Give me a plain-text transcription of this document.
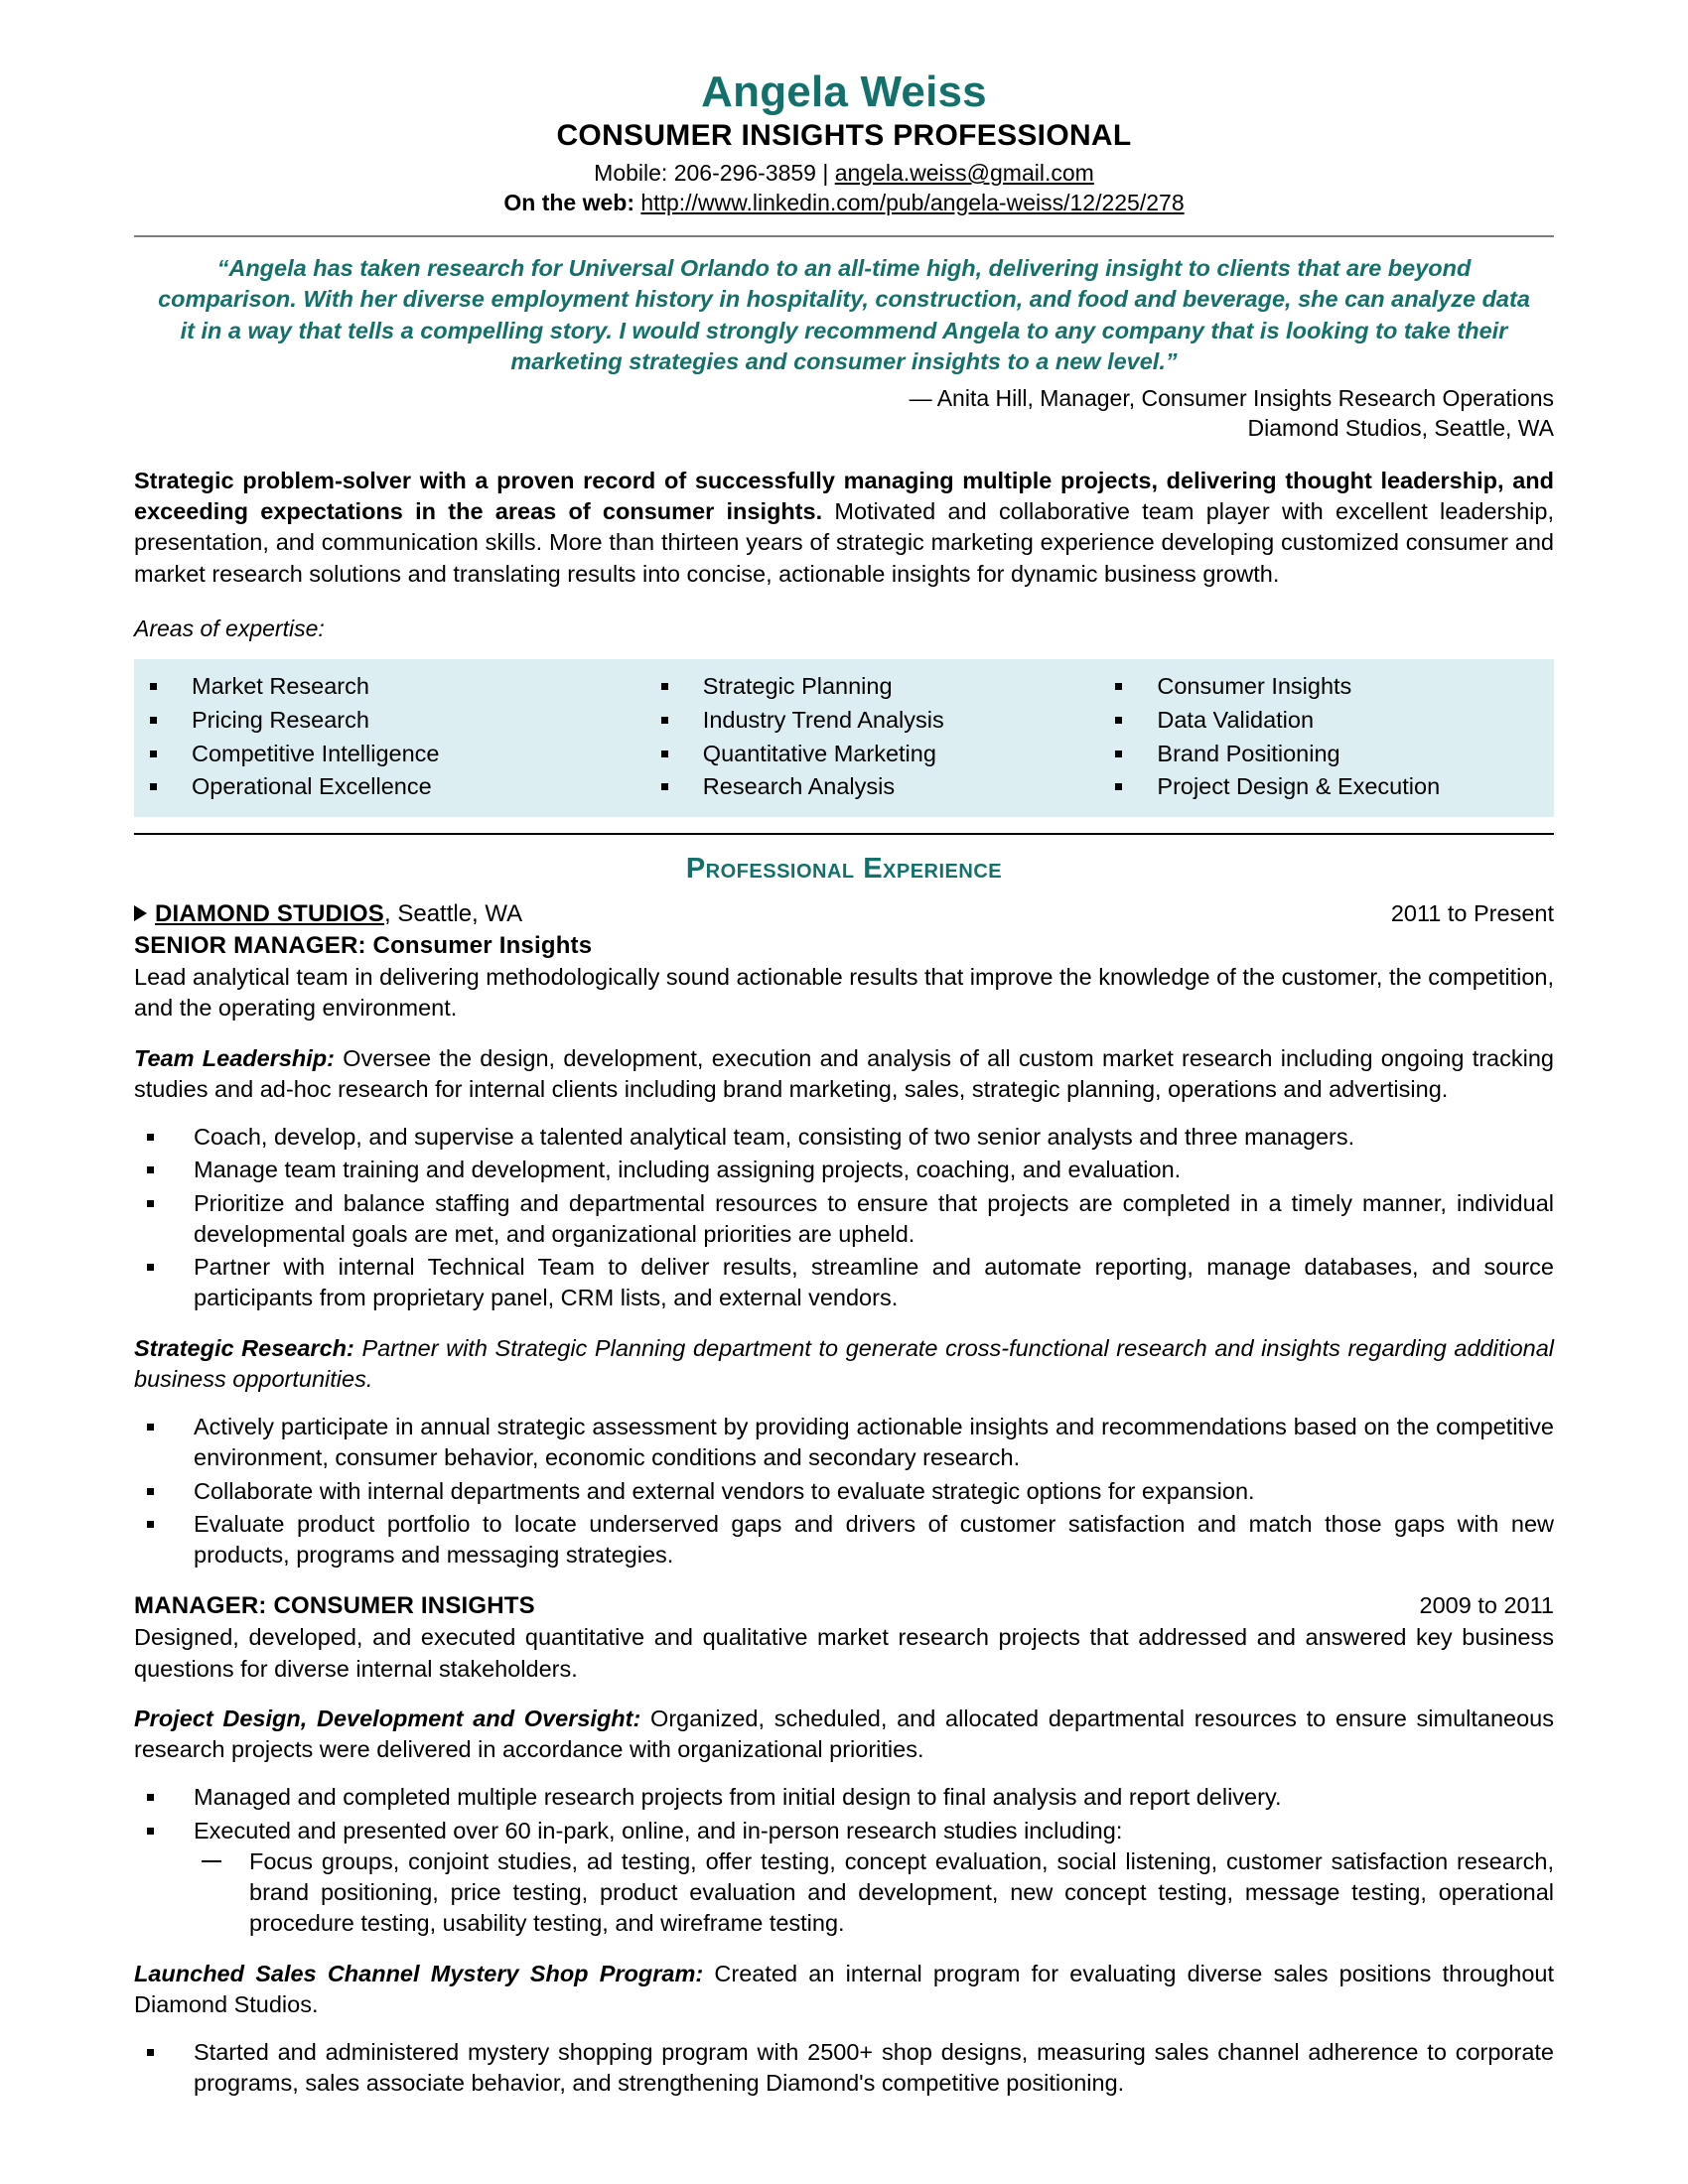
Angela Weiss
CONSUMER INSIGHTS PROFESSIONAL
Mobile: 206-296-3859 | angela.weiss@gmail.com
On the web: http://www.linkedin.com/pub/angela-weiss/12/225/278
“Angela has taken research for Universal Orlando to an all-time high, delivering insight to clients that are beyond comparison. With her diverse employment history in hospitality, construction, and food and beverage, she can analyze data it in a way that tells a compelling story. I would strongly recommend Angela to any company that is looking to take their marketing strategies and consumer insights to a new level.”
— Anita Hill, Manager, Consumer Insights Research Operations
Diamond Studios, Seattle, WA
Strategic problem-solver with a proven record of successfully managing multiple projects, delivering thought leadership, and exceeding expectations in the areas of consumer insights. Motivated and collaborative team player with excellent leadership, presentation, and communication skills. More than thirteen years of strategic marketing experience developing customized consumer and market research solutions and translating results into concise, actionable insights for dynamic business growth.
Areas of expertise:
Market Research
Pricing Research
Competitive Intelligence
Operational Excellence
Strategic Planning
Industry Trend Analysis
Quantitative Marketing
Research Analysis
Consumer Insights
Data Validation
Brand Positioning
Project Design & Execution
Professional Experience
DIAMOND STUDIOS , Seattle, WA	2011 to Present
SENIOR MANAGER: Consumer Insights
Lead analytical team in delivering methodologically sound actionable results that improve the knowledge of the customer, the competition, and the operating environment.
Team Leadership: Oversee the design, development, execution and analysis of all custom market research including ongoing tracking studies and ad-hoc research for internal clients including brand marketing, sales, strategic planning, operations and advertising.
Coach, develop, and supervise a talented analytical team, consisting of two senior analysts and three managers.
Manage team training and development, including assigning projects, coaching, and evaluation.
Prioritize and balance staffing and departmental resources to ensure that projects are completed in a timely manner, individual developmental goals are met, and organizational priorities are upheld.
Partner with internal Technical Team to deliver results, streamline and automate reporting, manage databases, and source participants from proprietary panel, CRM lists, and external vendors.
Strategic Research: Partner with Strategic Planning department to generate cross-functional research and insights regarding additional business opportunities.
Actively participate in annual strategic assessment by providing actionable insights and recommendations based on the competitive environment, consumer behavior, economic conditions and secondary research.
Collaborate with internal departments and external vendors to evaluate strategic options for expansion.
Evaluate product portfolio to locate underserved gaps and drivers of customer satisfaction and match those gaps with new products, programs and messaging strategies.
MANAGER: CONSUMER INSIGHTS	2009 to 2011
Designed, developed, and executed quantitative and qualitative market research projects that addressed and answered key business questions for diverse internal stakeholders.
Project Design, Development and Oversight: Organized, scheduled, and allocated departmental resources to ensure simultaneous research projects were delivered in accordance with organizational priorities.
Managed and completed multiple research projects from initial design to final analysis and report delivery.
Executed and presented over 60 in-park, online, and in-person research studies including:
Focus groups, conjoint studies, ad testing, offer testing, concept evaluation, social listening, customer satisfaction research, brand positioning, price testing, product evaluation and development, new concept testing, message testing, operational procedure testing, usability testing, and wireframe testing.
Launched Sales Channel Mystery Shop Program: Created an internal program for evaluating diverse sales positions throughout Diamond Studios.
Started and administered mystery shopping program with 2500+ shop designs, measuring sales channel adherence to corporate programs, sales associate behavior, and strengthening Diamond's competitive positioning.
